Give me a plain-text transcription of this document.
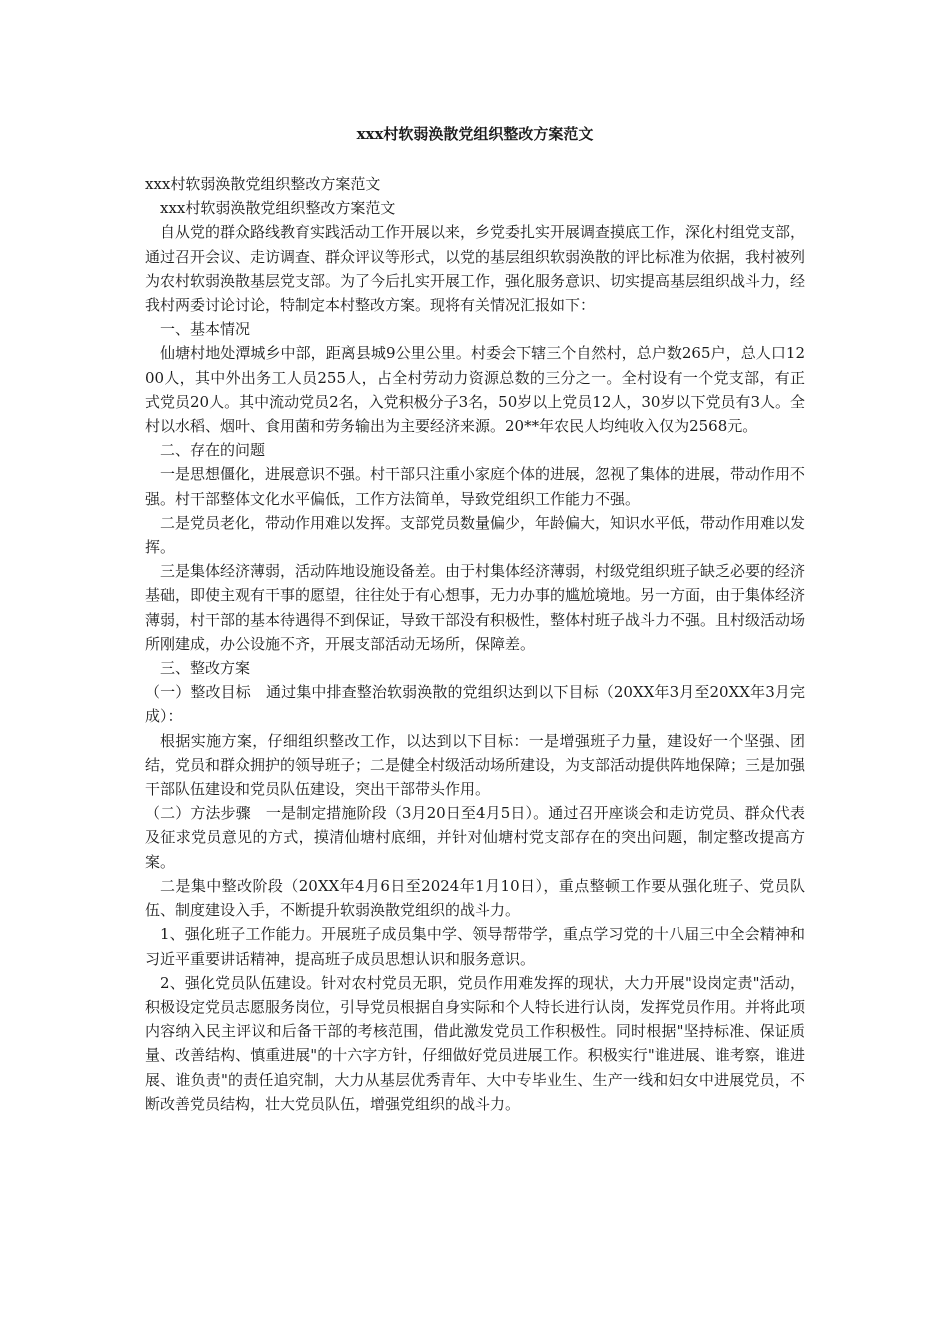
xxx村软弱涣散党组织整改方案范文

xxx村软弱涣散党组织整改方案范文

xxx村软弱涣散党组织整改方案范文

自从党的群众路线教育实践活动工作开展以来，乡党委扎实开展调查摸底工作，深化村组党支部，通过召开会议、走访调查、群众评议等形式，以党的基层组织软弱涣散的评比标准为依据，我村被列为农村软弱涣散基层党支部。为了今后扎实开展工作，强化服务意识、切实提高基层组织战斗力，经我村两委讨论讨论，特制定本村整改方案。现将有关情况汇报如下：

一、基本情况

仙塘村地处潭城乡中部，距离县城9公里公里。村委会下辖三个自然村，总户数265户，总人口1200人，其中外出务工人员255人，占全村劳动力资源总数的三分之一。全村设有一个党支部，有正式党员20人。其中流动党员2名，入党积极分子3名，50岁以上党员12人，30岁以下党员有3人。全村以水稻、烟叶、食用菌和劳务输出为主要经济来源。20**年农民人均纯收入仅为2568元。

二、存在的问题

一是思想僵化，进展意识不强。村干部只注重小家庭个体的进展，忽视了集体的进展，带动作用不强。村干部整体文化水平偏低，工作方法简单，导致党组织工作能力不强。

二是党员老化，带动作用难以发挥。支部党员数量偏少，年龄偏大，知识水平低，带动作用难以发挥。

三是集体经济薄弱，活动阵地设施设备差。由于村集体经济薄弱，村级党组织班子缺乏必要的经济基础，即使主观有干事的愿望，往往处于有心想事，无力办事的尴尬境地。另一方面，由于集体经济薄弱，村干部的基本待遇得不到保证，导致干部没有积极性，整体村班子战斗力不强。且村级活动场所刚建成，办公设施不齐，开展支部活动无场所，保障差。

三、整改方案

（一）整改目标　通过集中排查整治软弱涣散的党组织达到以下目标（20XX年3月至20XX年3月完成）：

根据实施方案，仔细组织整改工作，以达到以下目标：一是增强班子力量，建设好一个坚强、团结，党员和群众拥护的领导班子；二是健全村级活动场所建设，为支部活动提供阵地保障；三是加强干部队伍建设和党员队伍建设，突出干部带头作用。

（二）方法步骤　一是制定措施阶段（3月20日至4月5日）。通过召开座谈会和走访党员、群众代表及征求党员意见的方式，摸清仙塘村底细，并针对仙塘村党支部存在的突出问题，制定整改提高方案。

二是集中整改阶段（20XX年4月6日至2024年1月10日），重点整顿工作要从强化班子、党员队伍、制度建设入手，不断提升软弱涣散党组织的战斗力。

1、强化班子工作能力。开展班子成员集中学、领导帮带学，重点学习党的十八届三中全会精神和习近平重要讲话精神，提高班子成员思想认识和服务意识。

2、强化党员队伍建设。针对农村党员无职，党员作用难发挥的现状，大力开展"设岗定责"活动，积极设定党员志愿服务岗位，引导党员根据自身实际和个人特长进行认岗，发挥党员作用。并将此项内容纳入民主评议和后备干部的考核范围，借此激发党员工作积极性。同时根据"坚持标准、保证质量、改善结构、慎重进展"的十六字方针，仔细做好党员进展工作。积极实行"谁进展、谁考察，谁进展、谁负责"的责任追究制，大力从基层优秀青年、大中专毕业生、生产一线和妇女中进展党员，不断改善党员结构，壮大党员队伍，增强党组织的战斗力。
